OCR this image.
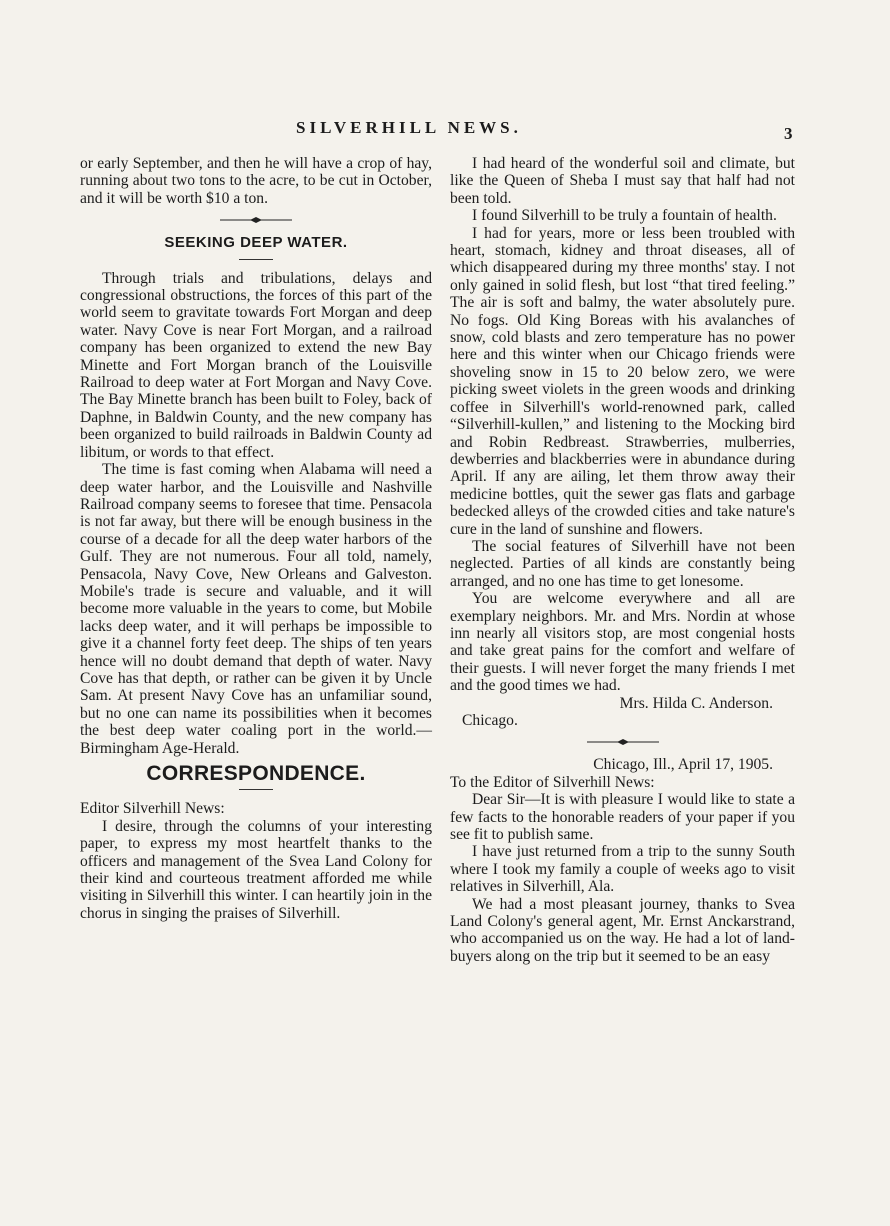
SILVERHILL NEWS.	3

or early September, and then he will have a crop of hay, running about two tons to the acre, to be cut in October, and it will be worth $10 a ton.

SEEKING DEEP WATER.

Through trials and tribulations, delays and congressional obstructions, the forces of this part of the world seem to gravitate towards Fort Morgan and deep water. Navy Cove is near Fort Morgan, and a railroad company has been organized to extend the new Bay Minette and Fort Morgan branch of the Louisville Railroad to deep water at Fort Morgan and Navy Cove. The Bay Minette branch has been built to Foley, back of Daphne, in Baldwin County, and the new company has been organized to build railroads in Baldwin County ad libitum, or words to that effect.

The time is fast coming when Alabama will need a deep water harbor, and the Louisville and Nashville Railroad company seems to foresee that time. Pensacola is not far away, but there will be enough business in the course of a decade for all the deep water harbors of the Gulf. They are not numerous. Four all told, namely, Pensacola, Navy Cove, New Orleans and Galveston. Mobile's trade is secure and valuable, and it will become more valuable in the years to come, but Mobile lacks deep water, and it will perhaps be impossible to give it a channel forty feet deep. The ships of ten years hence will no doubt demand that depth of water. Navy Cove has that depth, or rather can be given it by Uncle Sam. At present Navy Cove has an unfamiliar sound, but no one can name its possibilities when it becomes the best deep water coaling port in the world.—Birmingham Age-Herald.

CORRESPONDENCE.

Editor Silverhill News:

I desire, through the columns of your interesting paper, to express my most heartfelt thanks to the officers and management of the Svea Land Colony for their kind and courteous treatment afforded me while visiting in Silverhill this winter. I can heartily join in the chorus in singing the praises of Silverhill.

I had heard of the wonderful soil and climate, but like the Queen of Sheba I must say that half had not been told.

I found Silverhill to be truly a fountain of health.

I had for years, more or less been troubled with heart, stomach, kidney and throat diseases, all of which disappeared during my three months' stay. I not only gained in solid flesh, but lost “that tired feeling.” The air is soft and balmy, the water absolutely pure. No fogs. Old King Boreas with his avalanches of snow, cold blasts and zero temperature has no power here and this winter when our Chicago friends were shoveling snow in 15 to 20 below zero, we were picking sweet violets in the green woods and drinking coffee in Silverhill's world-renowned park, called “Silverhill-kullen,” and listening to the Mocking bird and Robin Redbreast. Strawberries, mulberries, dewberries and blackberries were in abundance during April. If any are ailing, let them throw away their medicine bottles, quit the sewer gas flats and garbage bedecked alleys of the crowded cities and take nature's cure in the land of sunshine and flowers.

The social features of Silverhill have not been neglected. Parties of all kinds are constantly being arranged, and no one has time to get lonesome.

You are welcome everywhere and all are exemplary neighbors. Mr. and Mrs. Nordin at whose inn nearly all visitors stop, are most congenial hosts and take great pains for the comfort and welfare of their guests. I will never forget the many friends I met and the good times we had.

Mrs. Hilda C. Anderson.

Chicago.

Chicago, Ill., April 17, 1905.

To the Editor of Silverhill News:

Dear Sir—It is with pleasure I would like to state a few facts to the honorable readers of your paper if you see fit to publish same.

I have just returned from a trip to the sunny South where I took my family a couple of weeks ago to visit relatives in Silverhill, Ala.

We had a most pleasant journey, thanks to Svea Land Colony's general agent, Mr. Ernst Anckarstrand, who accompanied us on the way. He had a lot of land-buyers along on the trip but it seemed to be an easy
